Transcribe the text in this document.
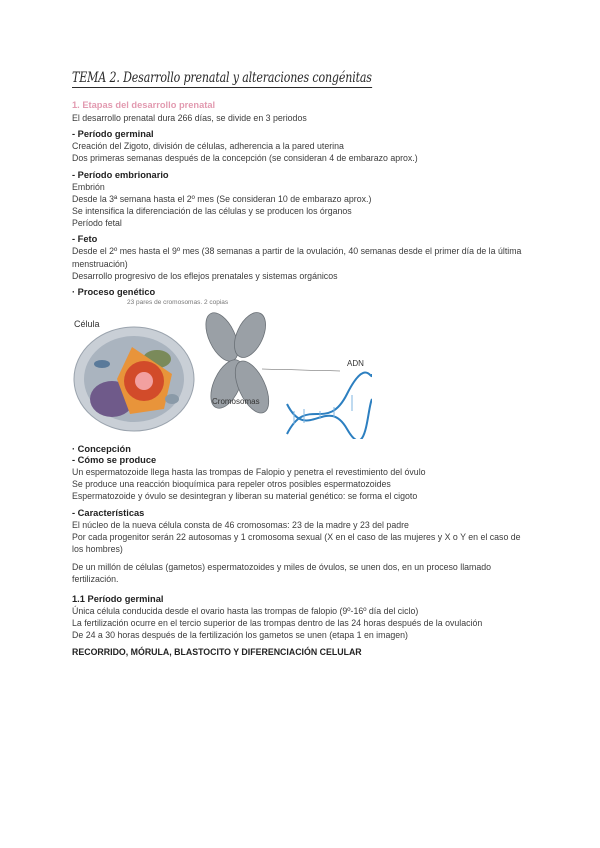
TEMA 2. Desarrollo prenatal y alteraciones congénitas
1. Etapas del desarrollo prenatal

El desarrollo prenatal dura 266 días, se divide en 3 periodos

- Período germinal

Creación del Zigoto, división de células, adherencia a la pared uterina

Dos primeras semanas después de la concepción (se consideran 4 de embarazo aprox.)

- Período embrionario

Embrión

Desde la 3ª semana hasta el 2º mes (Se consideran 10 de embarazo aprox.)

Se intensifica la diferenciación de las células y se producen los órganos

Período fetal

- Feto

Desde el 2º mes hasta el 9º mes (38 semanas a partir de la ovulación, 40 semanas desde el primer día de la última menstruación)

Desarrollo progresivo de los eflejos prenatales y sistemas orgánicos

· Proceso genético
23 pares de cromosomas. 2 copias
Célula
Cromosomas
ADN
· Concepción
- Cómo se produce

Un espermatozoide llega hasta las trompas de Falopio y penetra el revestimiento del óvulo

Se produce una reacción bioquímica para repeler otros posibles espermatozoides

Espermatozoide y óvulo se desintegran y liberan su material genético: se forma el cigoto

- Características

El núcleo de la nueva célula consta de 46 cromosomas: 23 de la madre y 23 del padre

Por cada progenitor serán 22 autosomas y 1 cromosoma sexual (X en el caso de las mujeres y X o Y en el caso de los hombres)

De un millón de células (gametos) espermatozoides y miles de óvulos, se unen dos, en un proceso llamado fertilización.

1.1 Período germinal

Única célula conducida desde el ovario hasta las trompas de falopio (9º-16º día del ciclo)

La fertilización ocurre en el tercio superior de las trompas dentro de las 24 horas después de la ovulación

De 24 a 30 horas después de la fertilización los gametos se unen (etapa 1 en imagen)

RECORRIDO, MÓRULA, BLASTOCITO Y DIFERENCIACIÓN CELULAR
